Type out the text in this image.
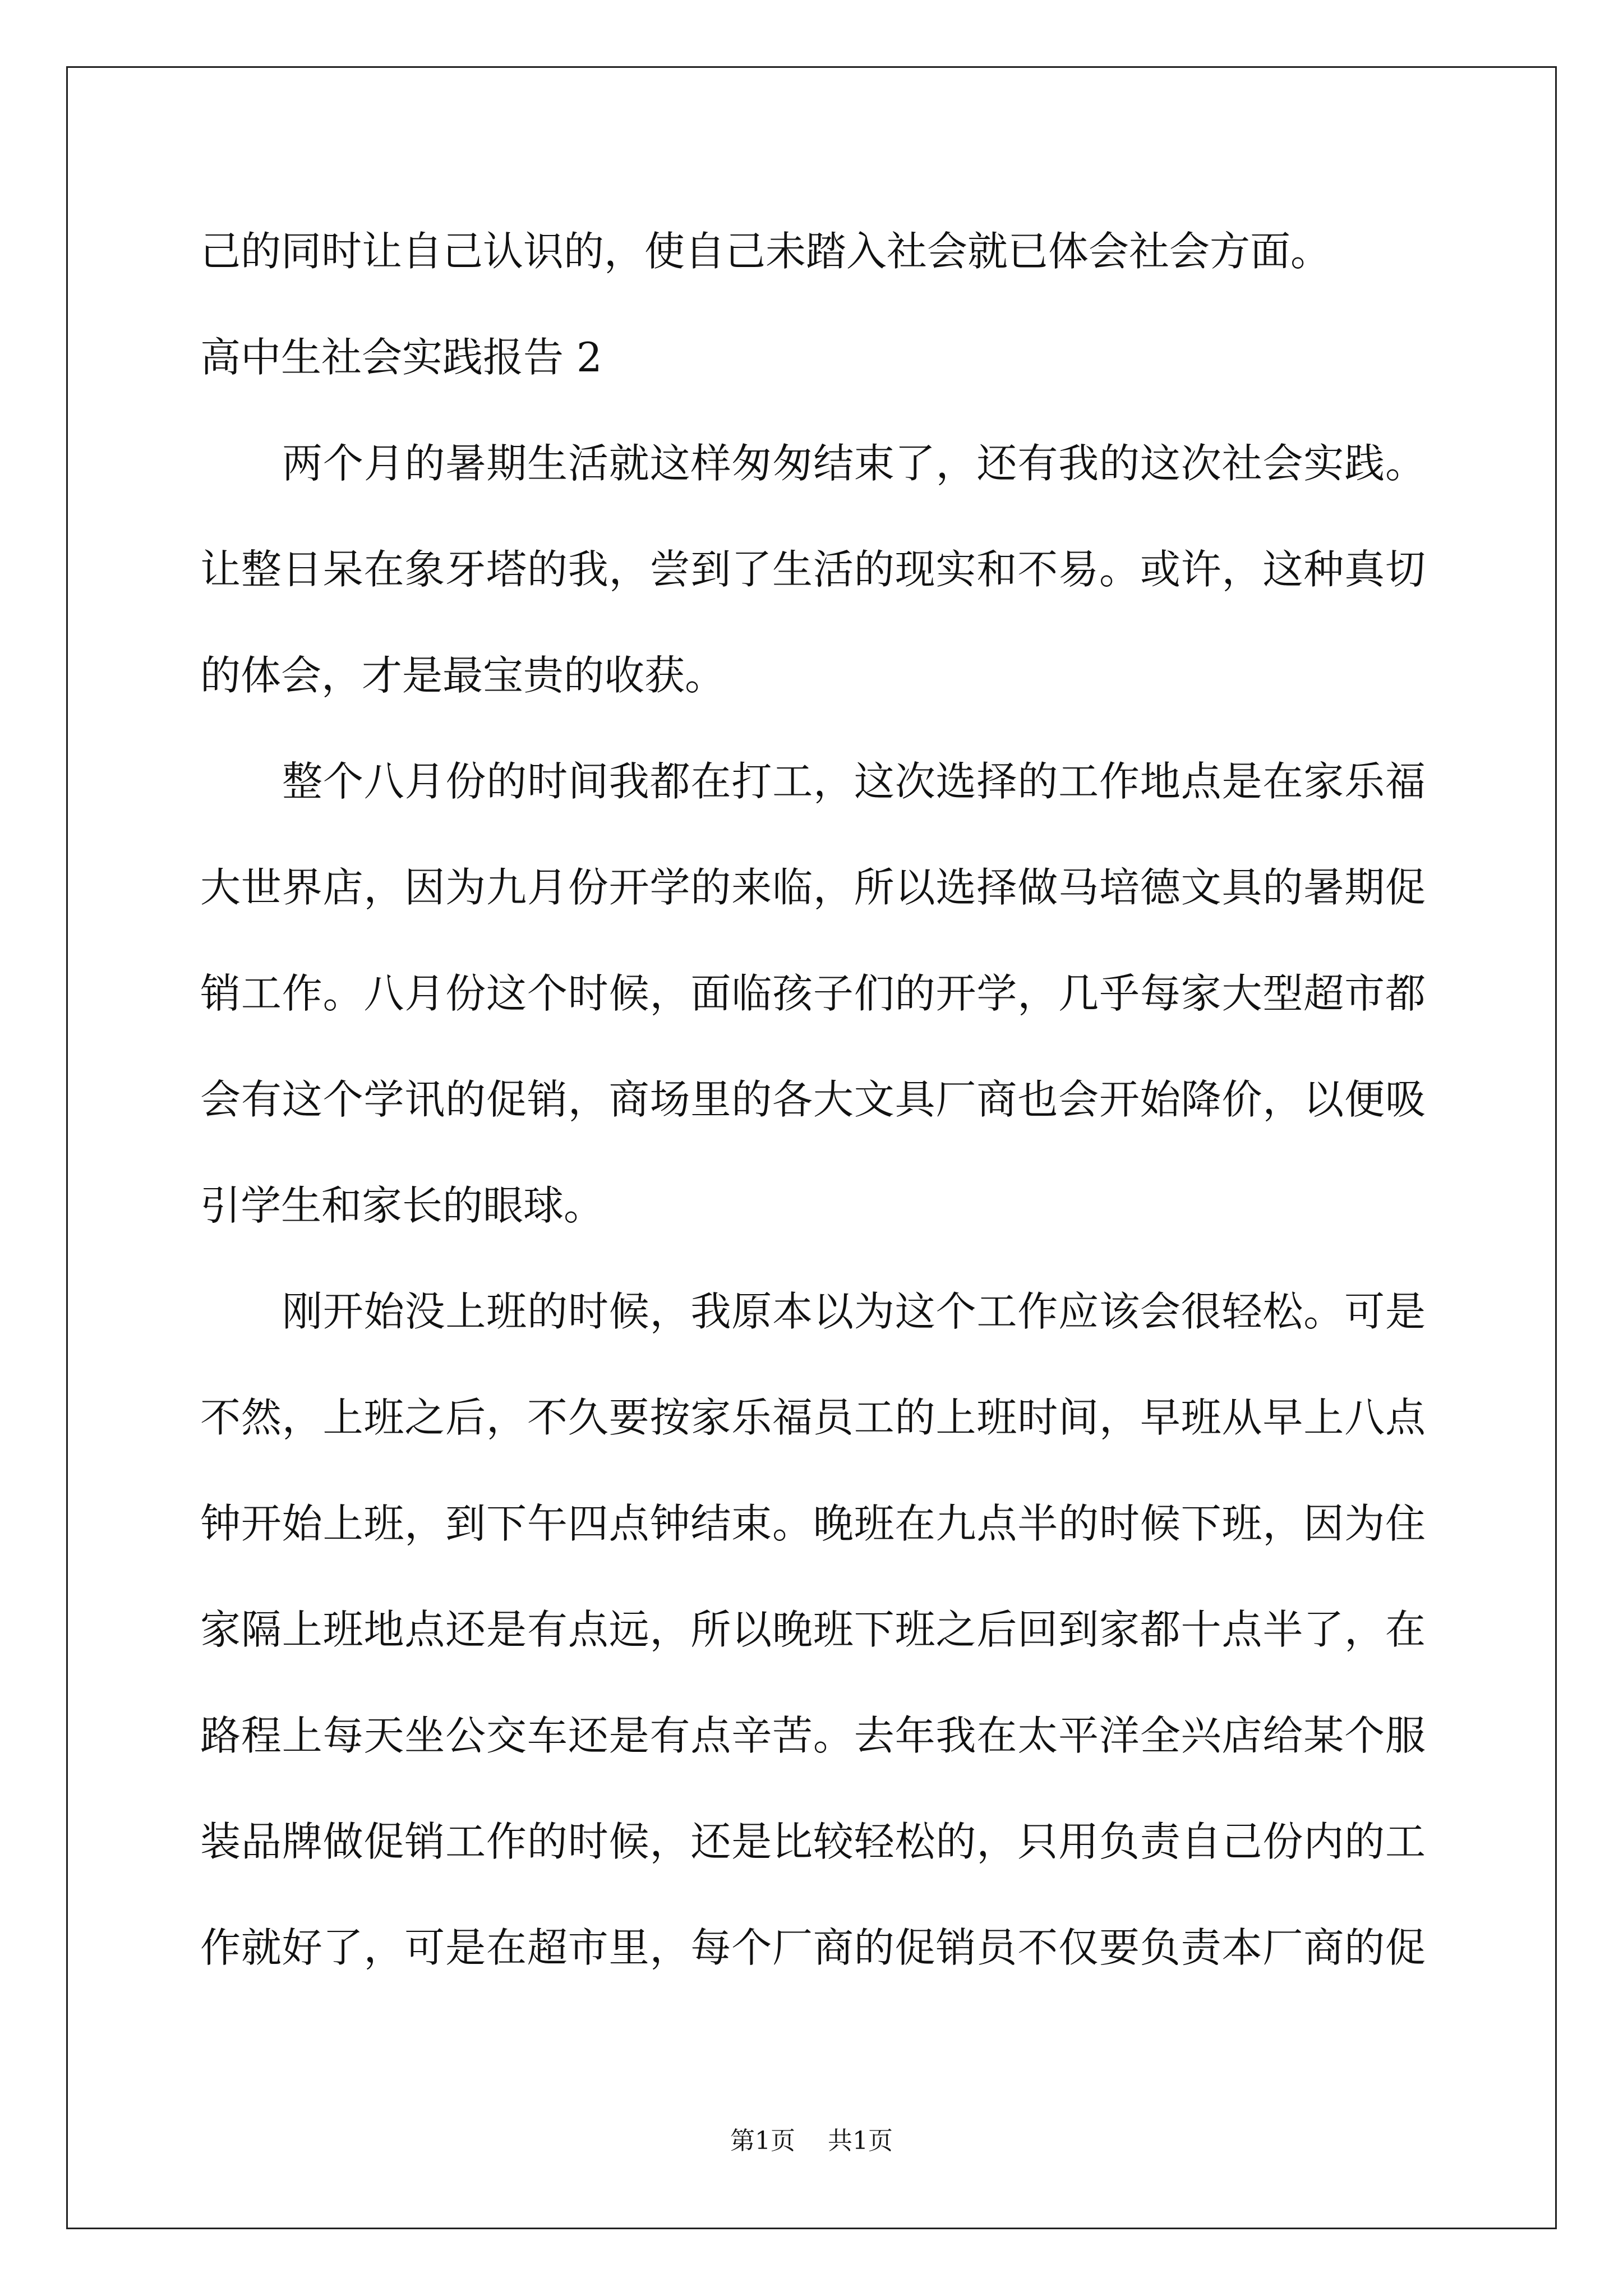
己的同时让自己认识的，使自己未踏入社会就已体会社会方面。
高中生社会实践报告 2
两个月的暑期生活就这样匆匆结束了，还有我的这次社会实践。
让整日呆在象牙塔的我，尝到了生活的现实和不易。或许，这种真切
的体会，才是最宝贵的收获。
整个八月份的时间我都在打工，这次选择的工作地点是在家乐福
大世界店，因为九月份开学的来临，所以选择做马培德文具的暑期促
销工作。八月份这个时候，面临孩子们的开学，几乎每家大型超市都
会有这个学讯的促销，商场里的各大文具厂商也会开始降价，以便吸
引学生和家长的眼球。
刚开始没上班的时候，我原本以为这个工作应该会很轻松。可是
不然，上班之后，不久要按家乐福员工的上班时间，早班从早上八点
钟开始上班，到下午四点钟结束。晚班在九点半的时候下班，因为住
家隔上班地点还是有点远，所以晚班下班之后回到家都十点半了，在
路程上每天坐公交车还是有点辛苦。去年我在太平洋全兴店给某个服
装品牌做促销工作的时候，还是比较轻松的，只用负责自己份内的工
作就好了，可是在超市里，每个厂商的促销员不仅要负责本厂商的促
第1页 共1页
